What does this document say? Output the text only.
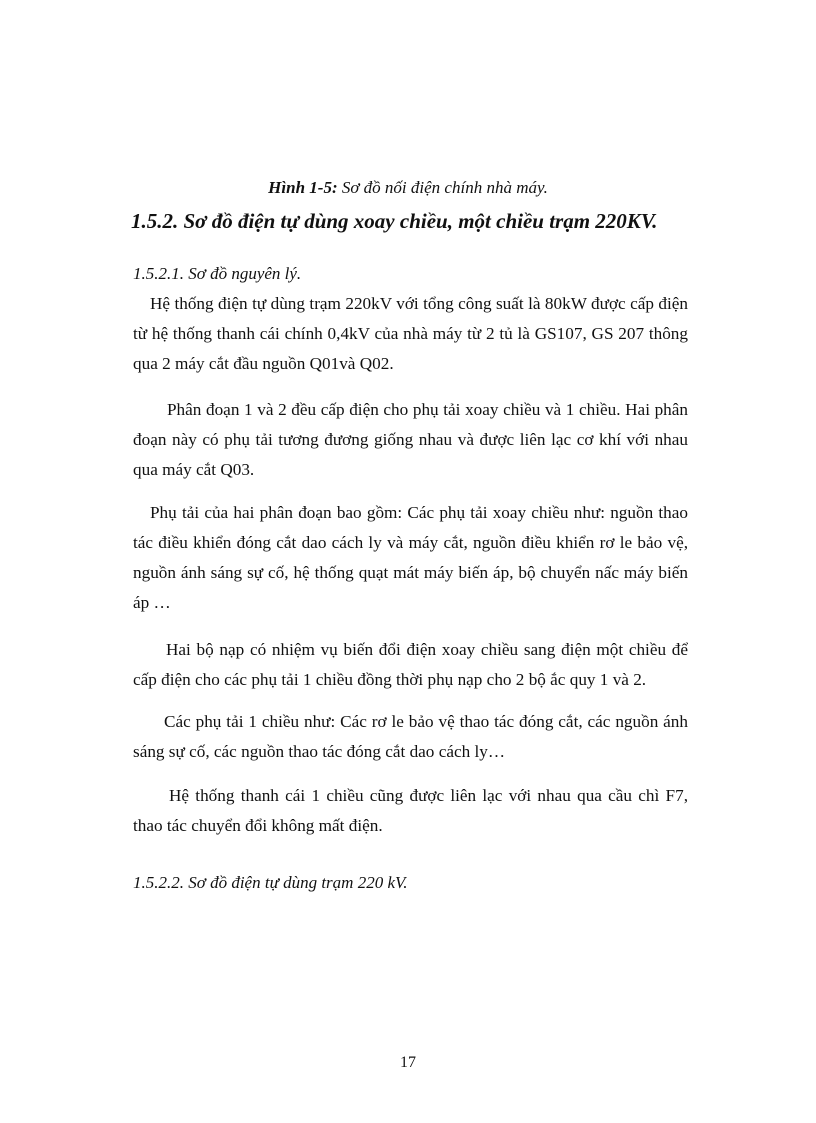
Hình 1-5: Sơ đồ nối điện chính nhà máy.

1.5.2. Sơ đồ điện tự dùng xoay chiều, một chiều trạm 220KV.
1.5.2.1. Sơ đồ nguyên lý.

Hệ thống điện tự dùng trạm 220kV với tổng công suất là 80kW được cấp điện từ hệ thống thanh cái chính 0,4kV của nhà máy từ 2 tủ là GS107, GS 207 thông qua 2 máy cắt đầu nguồn Q01và Q02.

Phân đoạn 1 và 2 đều cấp điện cho phụ tải xoay chiều và 1 chiều. Hai phân đoạn này có phụ tải tương đương giống nhau và được liên lạc cơ khí với nhau qua máy cắt Q03.

Phụ tải của hai phân đoạn bao gồm: Các phụ tải xoay chiều như: nguồn thao tác điều khiển đóng cắt dao cách ly và máy cắt, nguồn điều khiển rơ le bảo vệ, nguồn ánh sáng sự cố, hệ thống quạt mát máy biến áp, bộ chuyển nấc máy biến áp …

Hai bộ nạp có nhiệm vụ biến đổi điện xoay chiều sang điện một chiều để cấp điện cho các phụ tải 1 chiều đồng thời phụ nạp cho 2 bộ ắc quy 1 và 2.

Các phụ tải 1 chiều như: Các rơ le bảo vệ thao tác đóng cắt, các nguồn ánh sáng sự cố, các nguồn thao tác đóng cắt dao cách ly…

Hệ thống thanh cái 1 chiều cũng được liên lạc với nhau qua cầu chì F7, thao tác chuyển đổi không mất điện.

1.5.2.2. Sơ đồ điện tự dùng trạm 220 kV.

17
